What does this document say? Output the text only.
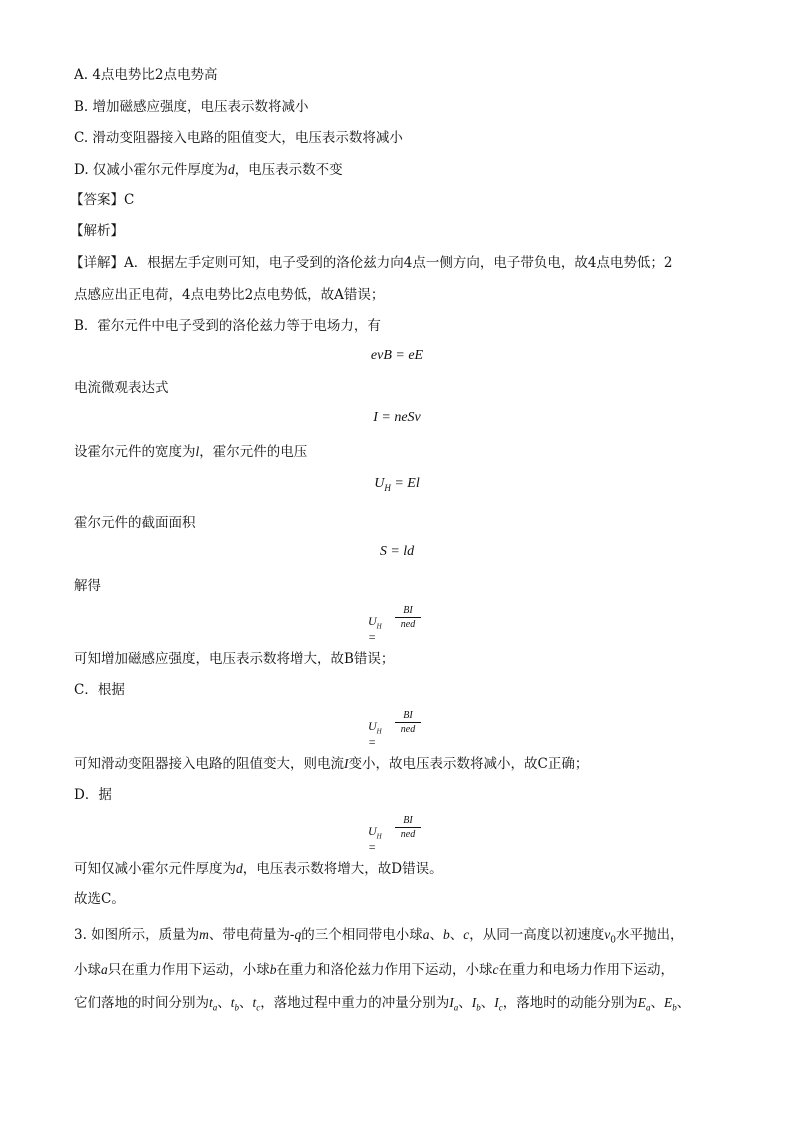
A. 4点电势比2点电势高
B. 增加磁感应强度，电压表示数将减小
C. 滑动变阻器接入电路的阻值变大，电压表示数将减小
D. 仅减小霍尔元件厚度为d，电压表示数不变
【答案】C
【解析】
【详解】A．根据左手定则可知，电子受到的洛伦兹力向4点一侧方向，电子带负电，故4点电势低；2
点感应出正电荷，4点电势比2点电势低，故A错误；
B．霍尔元件中电子受到的洛伦兹力等于电场力，有
evB = eE
电流微观表达式
I = neSv
设霍尔元件的宽度为l，霍尔元件的电压
$U_H = El$
霍尔元件的截面面积
S = ld
解得
$U_H$ =
BI
ned
可知增加磁感应强度，电压表示数将增大，故B错误；
C．根据
$U_H$ =
BI
ned
可知滑动变阻器接入电路的阻值变大，则电流I变小，故电压表示数将减小，故C正确；
D．据
$U_H$ =
BI
ned
可知仅减小霍尔元件厚度为d，电压表示数将增大，故D错误。
故选C。
3. 如图所示，质量为m、带电荷量为-q的三个相同带电小球a、b、c，从同一高度以初速度$v_0$水平抛出，
小球a只在重力作用下运动，小球b在重力和洛伦兹力作用下运动，小球c在重力和电场力作用下运动，
它们落地的时间分别为$t_a$、$t_b$、$t_c$，落地过程中重力的冲量分别为$I_a$、$I_b$、$I_c$，落地时的动能分别为$E_a$、$E_b$、
